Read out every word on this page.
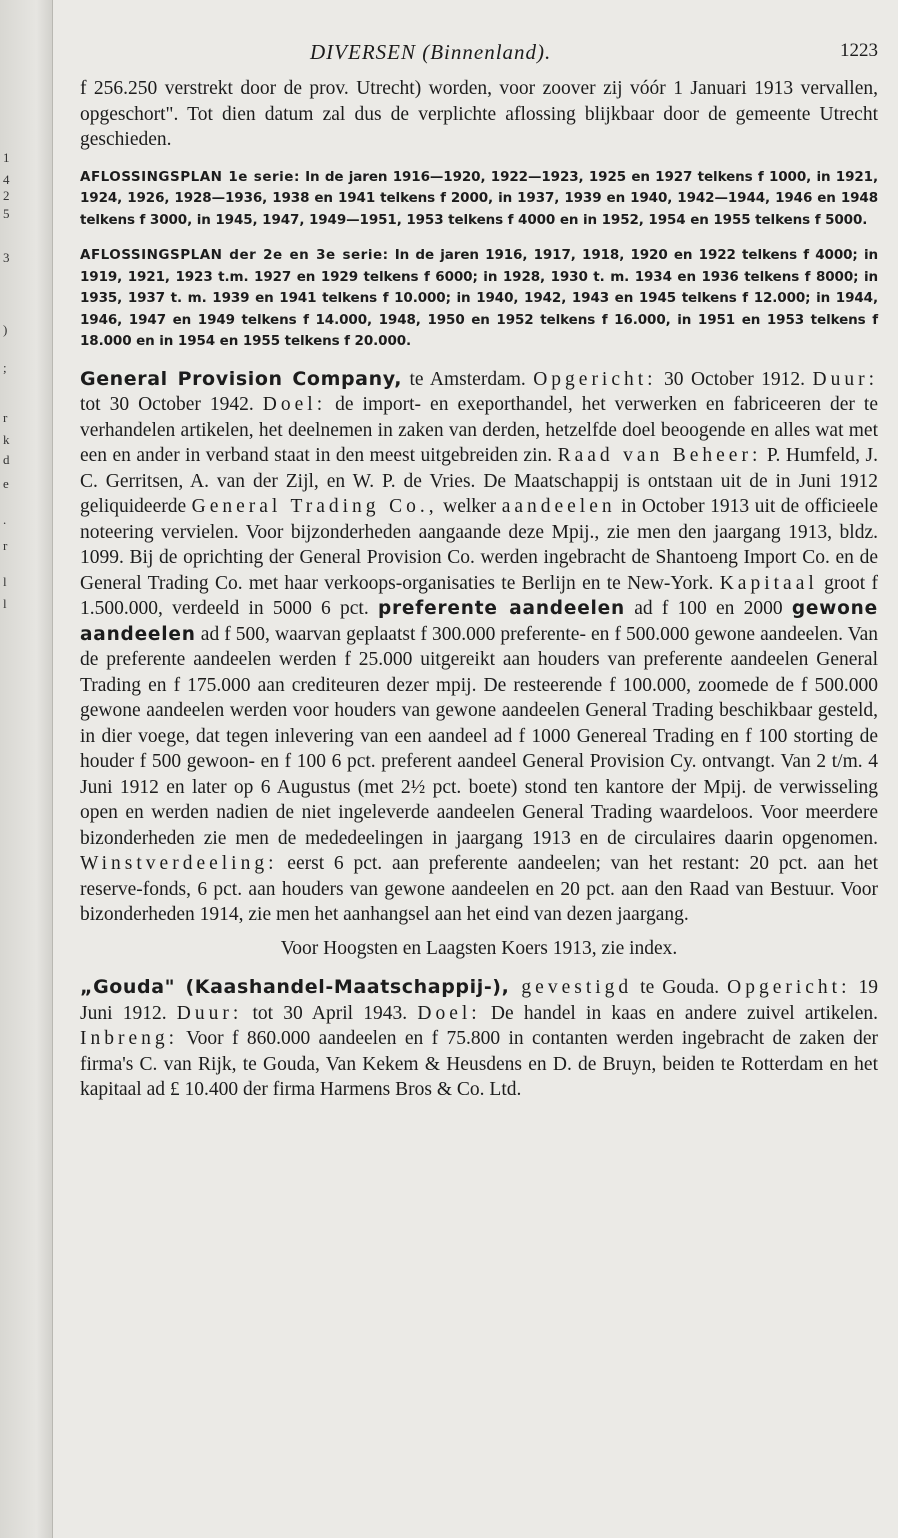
1
4
2
5
3
)
;
r
k
d
e
.
r
l
l
DIVERSEN (Binnenland).	1223

f 256.250 verstrekt door de prov. Utrecht) worden, voor zoover zij vóór 1 Januari 1913 vervallen, opgeschort". Tot dien datum zal dus de verplichte aflossing blijkbaar door de gemeente Utrecht geschieden.

AFLOSSINGSPLAN 1e serie: In de jaren 1916—1920, 1922—1923, 1925 en 1927 telkens f 1000, in 1921, 1924, 1926, 1928—1936, 1938 en 1941 telkens f 2000, in 1937, 1939 en 1940, 1942—1944, 1946 en 1948 telkens f 3000, in 1945, 1947, 1949—1951, 1953 telkens f 4000 en in 1952, 1954 en 1955 telkens f 5000.

AFLOSSINGSPLAN der 2e en 3e serie: In de jaren 1916, 1917, 1918, 1920 en 1922 telkens f 4000; in 1919, 1921, 1923 t.m. 1927 en 1929 telkens f 6000; in 1928, 1930 t. m. 1934 en 1936 telkens f 8000; in 1935, 1937 t. m. 1939 en 1941 telkens f 10.000; in 1940, 1942, 1943 en 1945 telkens f 12.000; in 1944, 1946, 1947 en 1949 telkens f 14.000, 1948, 1950 en 1952 telkens f 16.000, in 1951 en 1953 telkens f 18.000 en in 1954 en 1955 telkens f 20.000.

General Provision Company, te Amsterdam. Opgericht: 30 October 1912. Duur: tot 30 October 1942. Doel: de import- en exeporthandel, het verwerken en fabriceeren der te verhandelen artikelen, het deelnemen in zaken van derden, hetzelfde doel beoogende en alles wat met een en ander in verband staat in den meest uitgebreiden zin. Raad van Beheer: P. Humfeld, J. C. Gerritsen, A. van der Zijl, en W. P. de Vries. De Maatschappij is ontstaan uit de in Juni 1912 geliquideerde General Trading Co., welker aandeelen in October 1913 uit de officieele noteering vervielen. Voor bijzonderheden aangaande deze Mpij., zie men den jaargang 1913, bldz. 1099. Bij de oprichting der General Provision Co. werden ingebracht de Shantoeng Import Co. en de General Trading Co. met haar verkoops-organisaties te Berlijn en te New-York. Kapitaal groot f 1.500.000, verdeeld in 5000 6 pct. preferente aandeelen ad f 100 en 2000 gewone aandeelen ad f 500, waarvan geplaatst f 300.000 preferente- en f 500.000 gewone aandeelen. Van de preferente aandeelen werden f 25.000 uitgereikt aan houders van preferente aandeelen General Trading en f 175.000 aan crediteuren dezer mpij. De resteerende f 100.000, zoomede de f 500.000 gewone aandeelen werden voor houders van gewone aandeelen General Trading beschikbaar gesteld, in dier voege, dat tegen inlevering van een aandeel ad f 1000 Genereal Trading en f 100 storting de houder f 500 gewoon- en f 100 6 pct. preferent aandeel General Provision Cy. ontvangt. Van 2 t/m. 4 Juni 1912 en later op 6 Augustus (met 2½ pct. boete) stond ten kantore der Mpij. de verwisseling open en werden nadien de niet ingeleverde aandeelen General Trading waardeloos. Voor meerdere bizonderheden zie men de mededeelingen in jaargang 1913 en de circulaires daarin opgenomen. Winstverdeeling: eerst 6 pct. aan preferente aandeelen; van het restant: 20 pct. aan het reserve-fonds, 6 pct. aan houders van gewone aandeelen en 20 pct. aan den Raad van Bestuur. Voor bizonderheden 1914, zie men het aanhangsel aan het eind van dezen jaargang.

Voor Hoogsten en Laagsten Koers 1913, zie index.

„Gouda" (Kaashandel-Maatschappij-), gevestigd te Gouda. Opgericht: 19 Juni 1912. Duur: tot 30 April 1943. Doel: De handel in kaas en andere zuivel artikelen. Inbreng: Voor f 860.000 aandeelen en f 75.800 in contanten werden ingebracht de zaken der firma's C. van Rijk, te Gouda, Van Kekem & Heusdens en D. de Bruyn, beiden te Rotterdam en het kapitaal ad £ 10.400 der firma Harmens Bros & Co. Ltd.
